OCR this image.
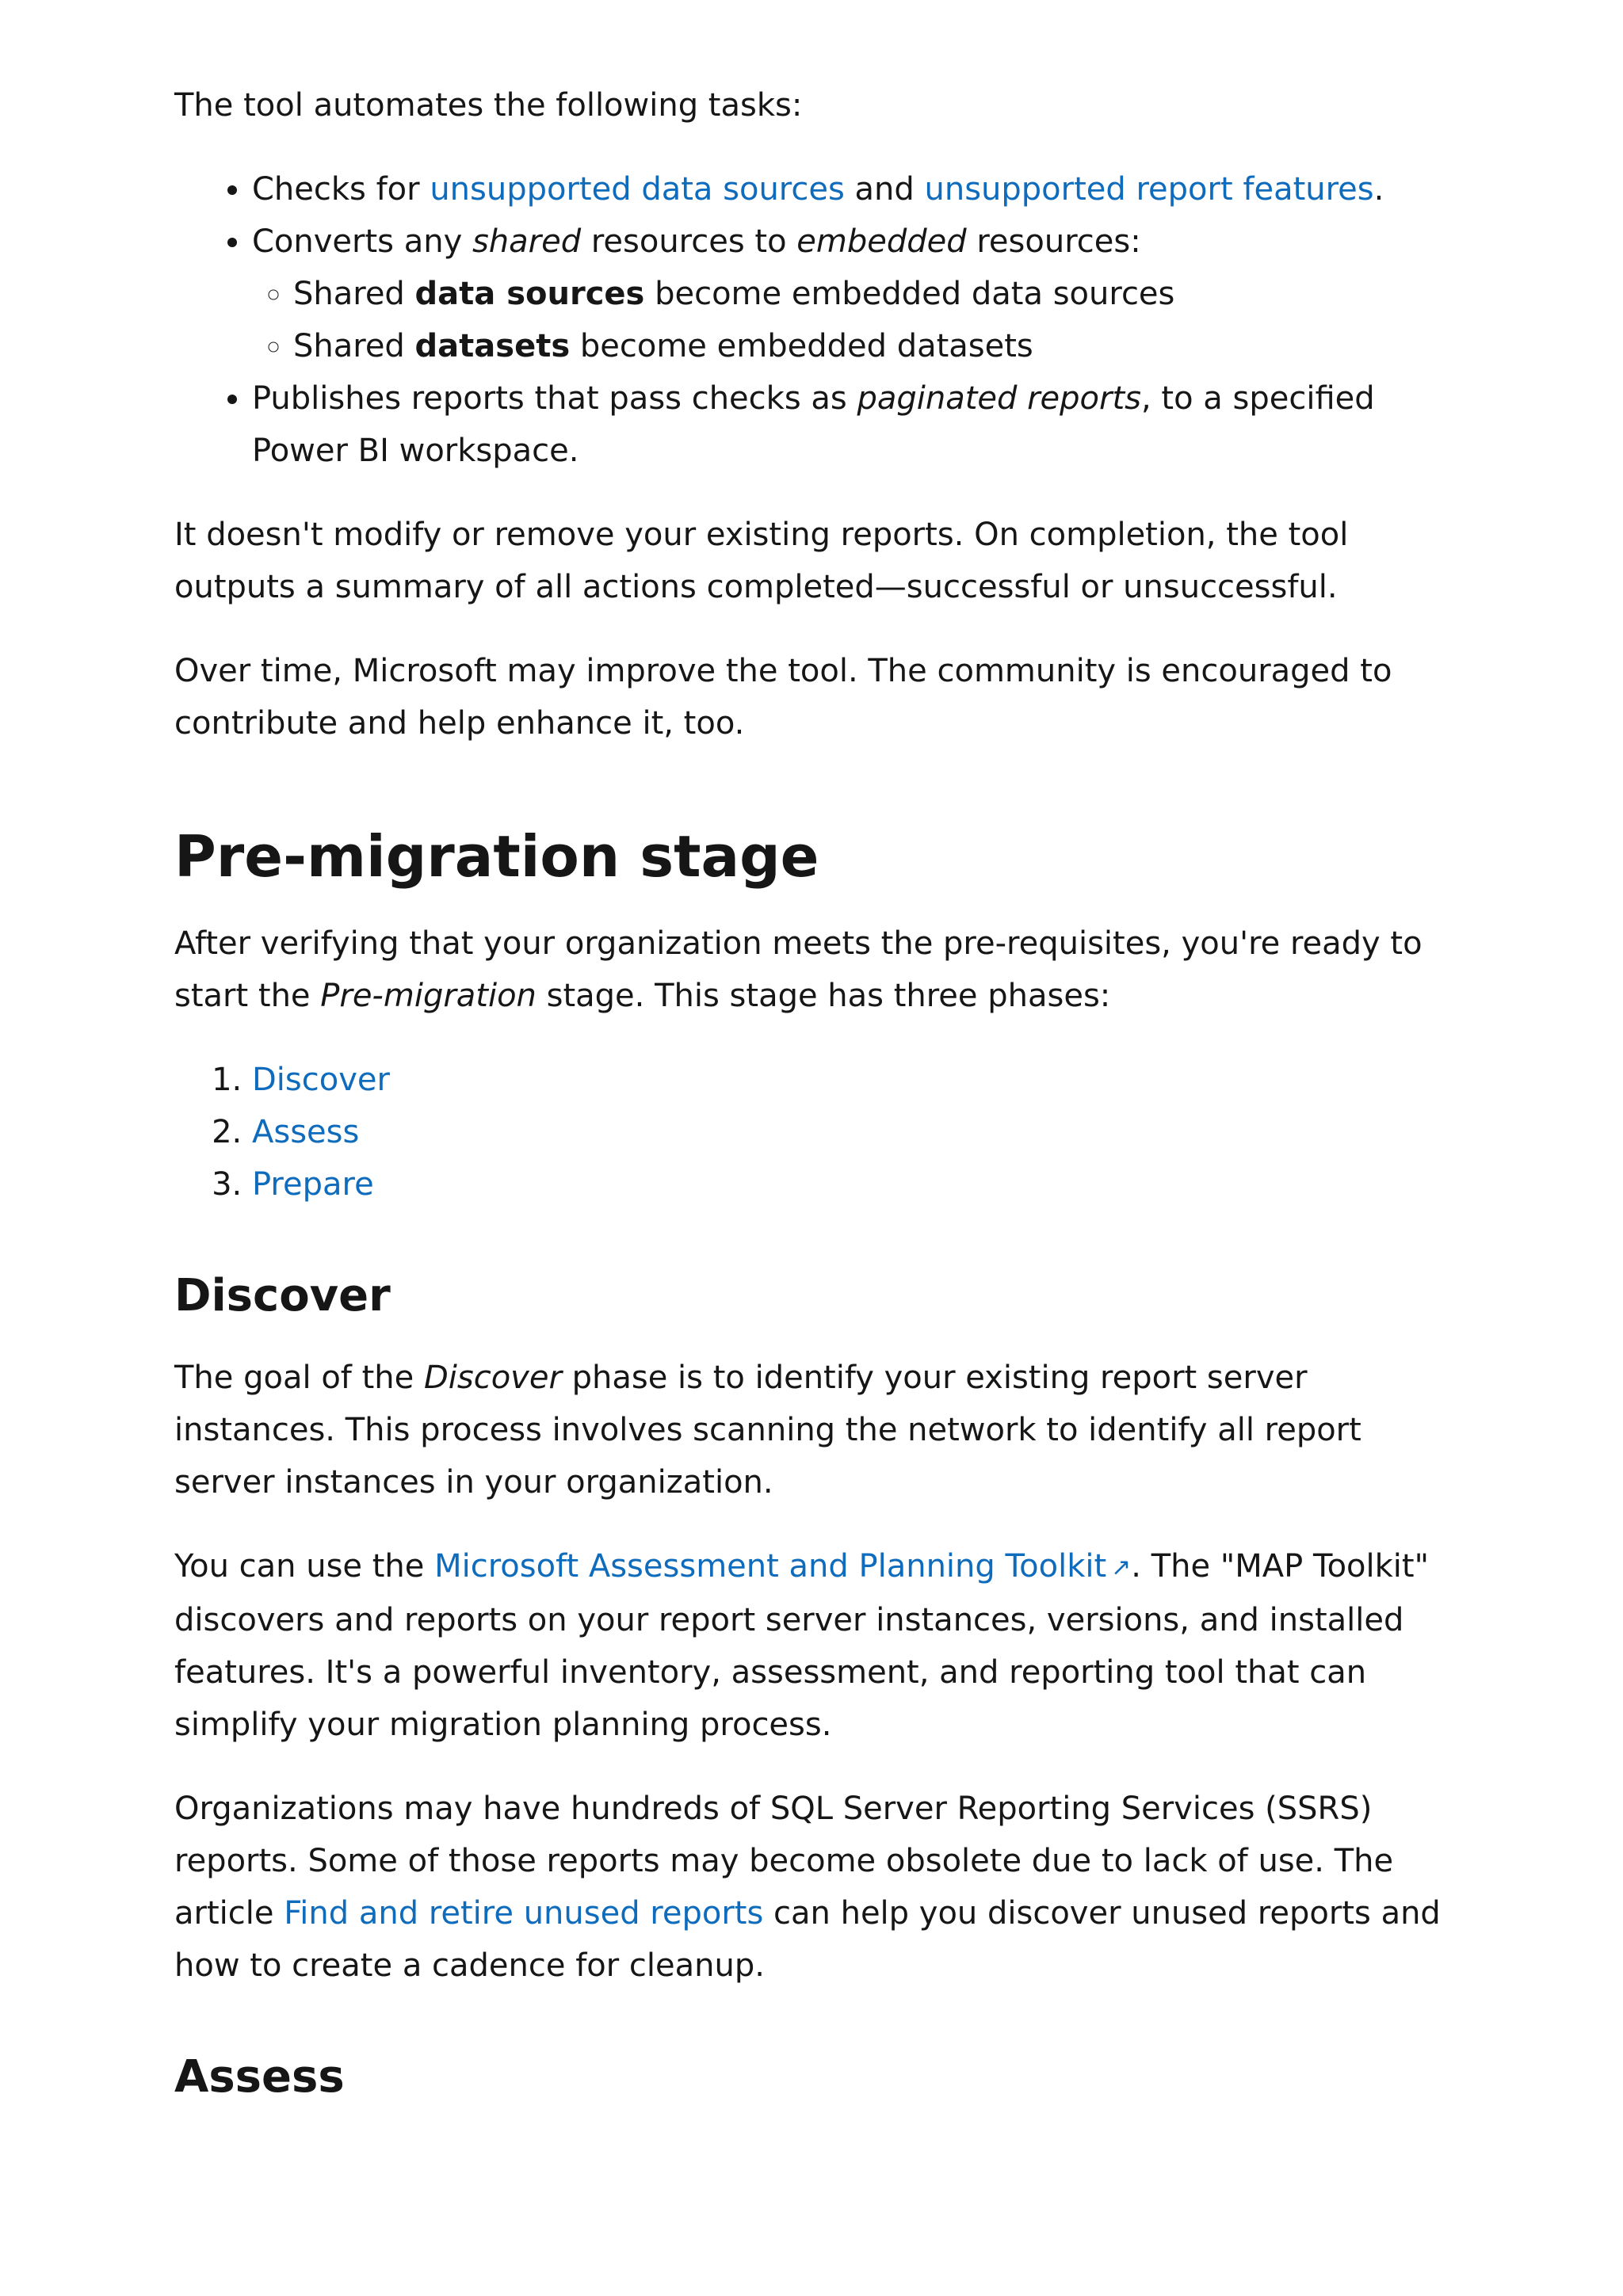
The tool automates the following tasks:

• Checks for unsupported data sources and unsupported report features.
• Converts any shared resources to embedded resources:
◦ Shared data sources become embedded data sources
◦ Shared datasets become embedded datasets
• Publishes reports that pass checks as paginated reports, to a specified Power BI workspace.

It doesn't modify or remove your existing reports. On completion, the tool outputs a summary of all actions completed—successful or unsuccessful.

Over time, Microsoft may improve the tool. The community is encouraged to contribute and help enhance it, too.

Pre-migration stage

After verifying that your organization meets the pre-requisites, you're ready to start the Pre-migration stage. This stage has three phases:

1. Discover
2. Assess
3. Prepare
Discover

The goal of the Discover phase is to identify your existing report server instances. This process involves scanning the network to identify all report server instances in your organization.

You can use the Microsoft Assessment and Planning Toolkit ↗. The "MAP Toolkit" discovers and reports on your report server instances, versions, and installed features. It's a powerful inventory, assessment, and reporting tool that can simplify your migration planning process.

Organizations may have hundreds of SQL Server Reporting Services (SSRS) reports. Some of those reports may become obsolete due to lack of use. The article Find and retire unused reports can help you discover unused reports and how to create a cadence for cleanup.

Assess
